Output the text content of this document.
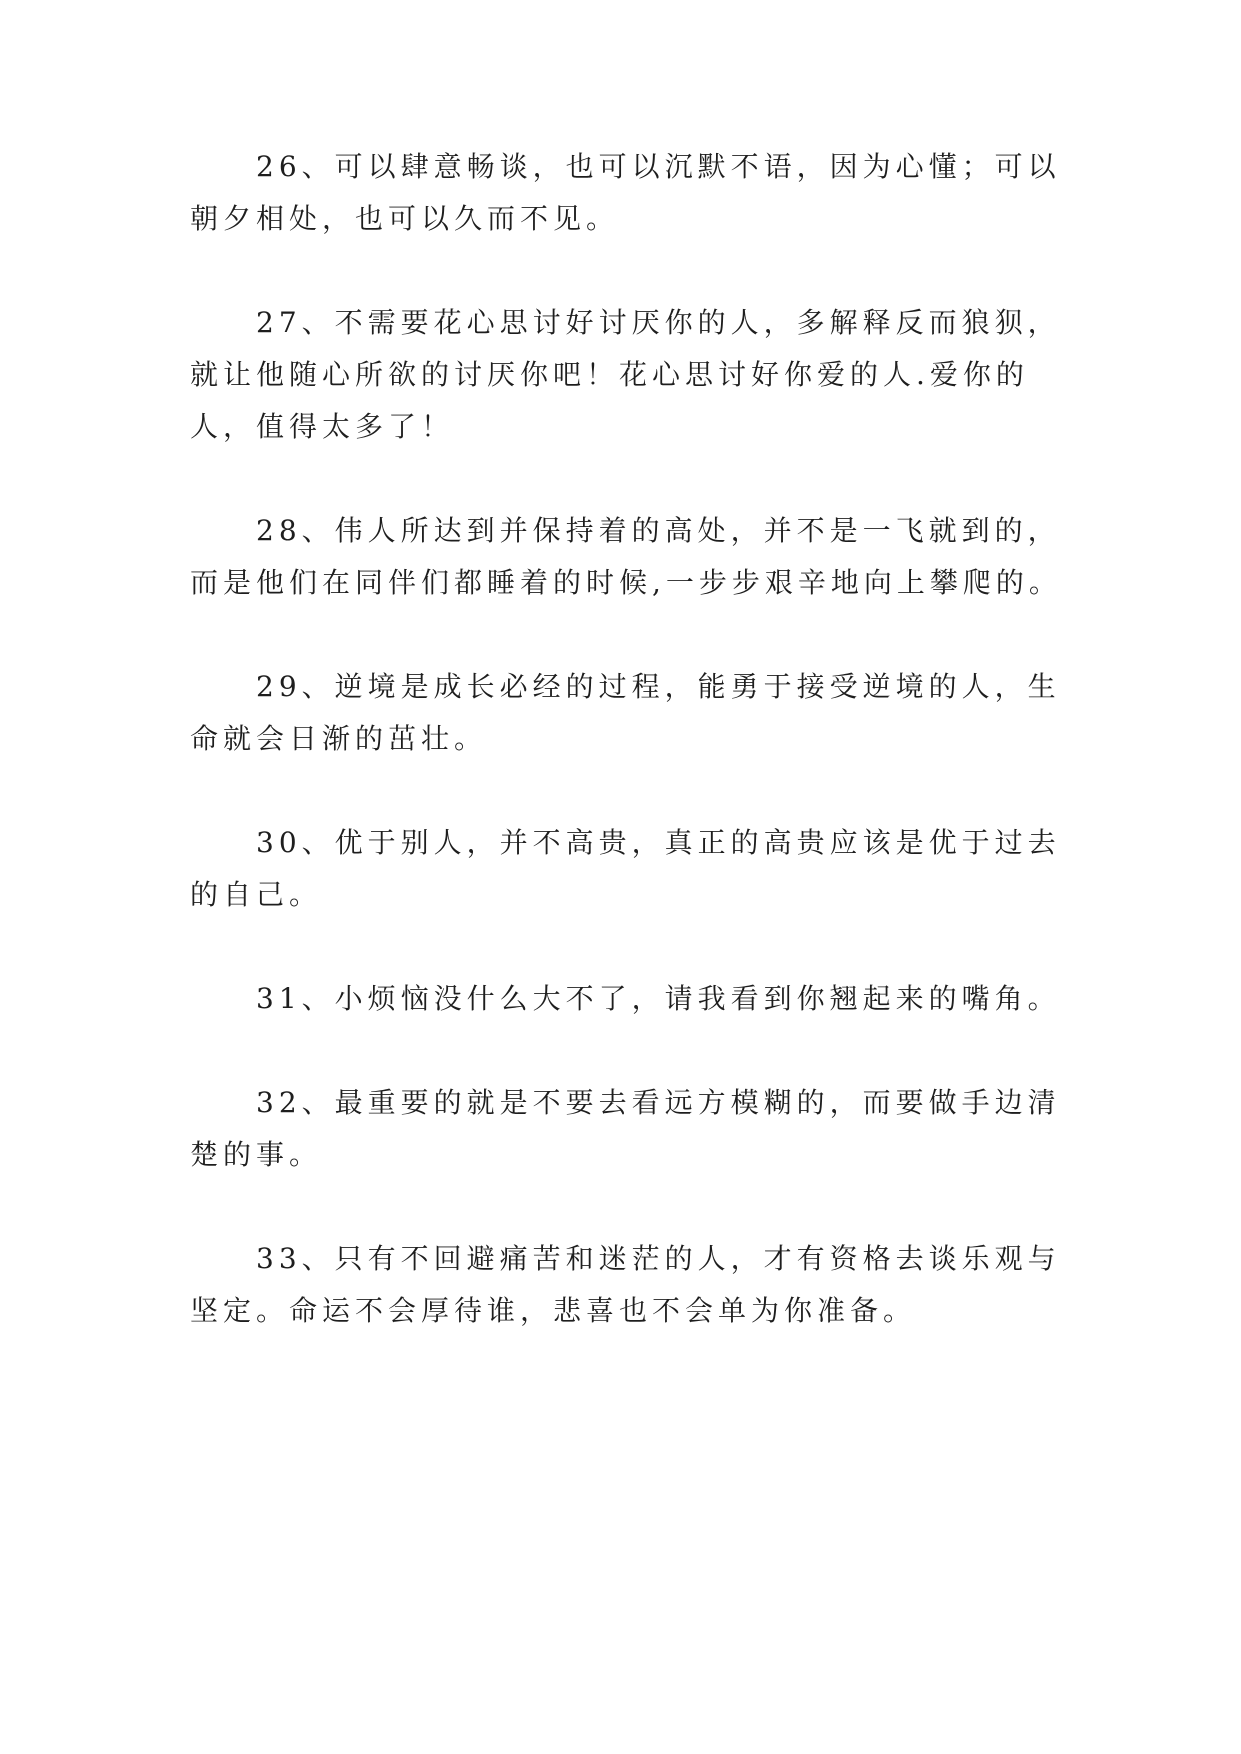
26、可以肆意畅谈，也可以沉默不语，因为心懂；可以
朝夕相处，也可以久而不见。
27、不需要花心思讨好讨厌你的人，多解释反而狼狈，
就让他随心所欲的讨厌你吧！花心思讨好你爱的人.爱你的
人，值得太多了！
28、伟人所达到并保持着的高处，并不是一飞就到的，
而是他们在同伴们都睡着的时候,一步步艰辛地向上攀爬的。
29、逆境是成长必经的过程，能勇于接受逆境的人，生
命就会日渐的茁壮。
30、优于别人，并不高贵，真正的高贵应该是优于过去
的自己。
31、小烦恼没什么大不了，请我看到你翘起来的嘴角。
32、最重要的就是不要去看远方模糊的，而要做手边清
楚的事。
33、只有不回避痛苦和迷茫的人，才有资格去谈乐观与
坚定。命运不会厚待谁，悲喜也不会单为你准备。
